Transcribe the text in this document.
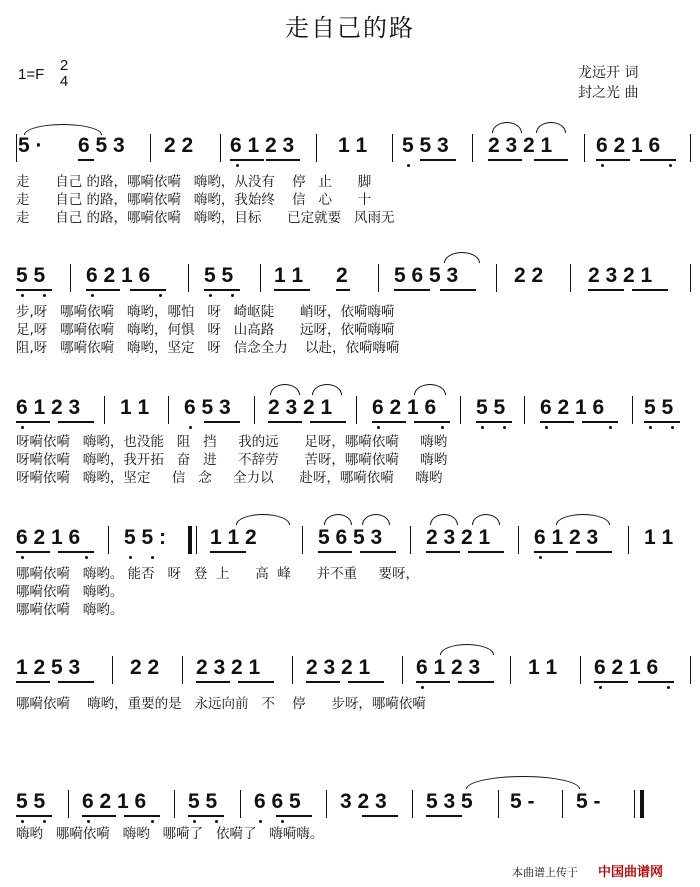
走自己的路
1=F
2
4	龙远开 词
封之光 曲
5 ·	6 5 3	2 2	6 1 2 3	1 1	5 5 3	2 3 2 1	6 2 1 6
走      自己 的路，哪嗬依嗬   嗨哟，从没有    停   止      脚
走      自己 的路，哪嗬依嗬   嗨哟，我始终    信   心      十
走      自己 的路，哪嗬依嗬   嗨哟，目标      已定就要   风雨无
5 5	6 2 1 6	5 5	1 1	2	5 6 5 3	2 2	2 3 2 1
步,呀   哪嗬依嗬   嗨哟，哪怕   呀   崎岖陡      峭呀，依嗬嗨嗬
足,呀   哪嗬依嗬   嗨哟，何惧   呀   山高路      远呀，依嗬嗨嗬
阻,呀   哪嗬依嗬   嗨哟，坚定   呀   信念全力    以赴，依嗬嗨嗬
6 1 2 3	1 1	6 5 3	2 3 2 1	6 2 1 6	5 5	6 2 1 6	5 5
呀嗬依嗬   嗨哟，也没能   阻   挡     我的远      足呀，哪嗬依嗬     嗨哟
呀嗬依嗬   嗨哟，我开拓   奋   进     不辞劳      苦呀，哪嗬依嗬     嗨哟
呀嗬依嗬   嗨哟，坚定     信   念     全力以      赴呀，哪嗬依嗬     嗨哟
6 2 1 6	5 5 :	1 1 2	5 6 5 3	2 3 2 1	6 1 2 3	1 1
哪嗬依嗬   嗨哟。 能否   呀   登  上      高  峰      并不重     要呀，
哪嗬依嗬   嗨哟。
哪嗬依嗬   嗨哟。
1 2 5 3	2 2	2 3 2 1	2 3 2 1	6 1 2 3	1 1	6 2 1 6
哪嗬依嗬    嗨哟，重要的是   永远向前   不    停      步呀，哪嗬依嗬
5 5	6 2 1 6	5 5	6 6 5	3 2 3	5 3 5	5 -	5 -
嗨哟   哪嗬依嗬   嗨哟   哪嗬了   依嗬了   嗨嗬嗨。
本曲谱上传于 中国曲谱网
